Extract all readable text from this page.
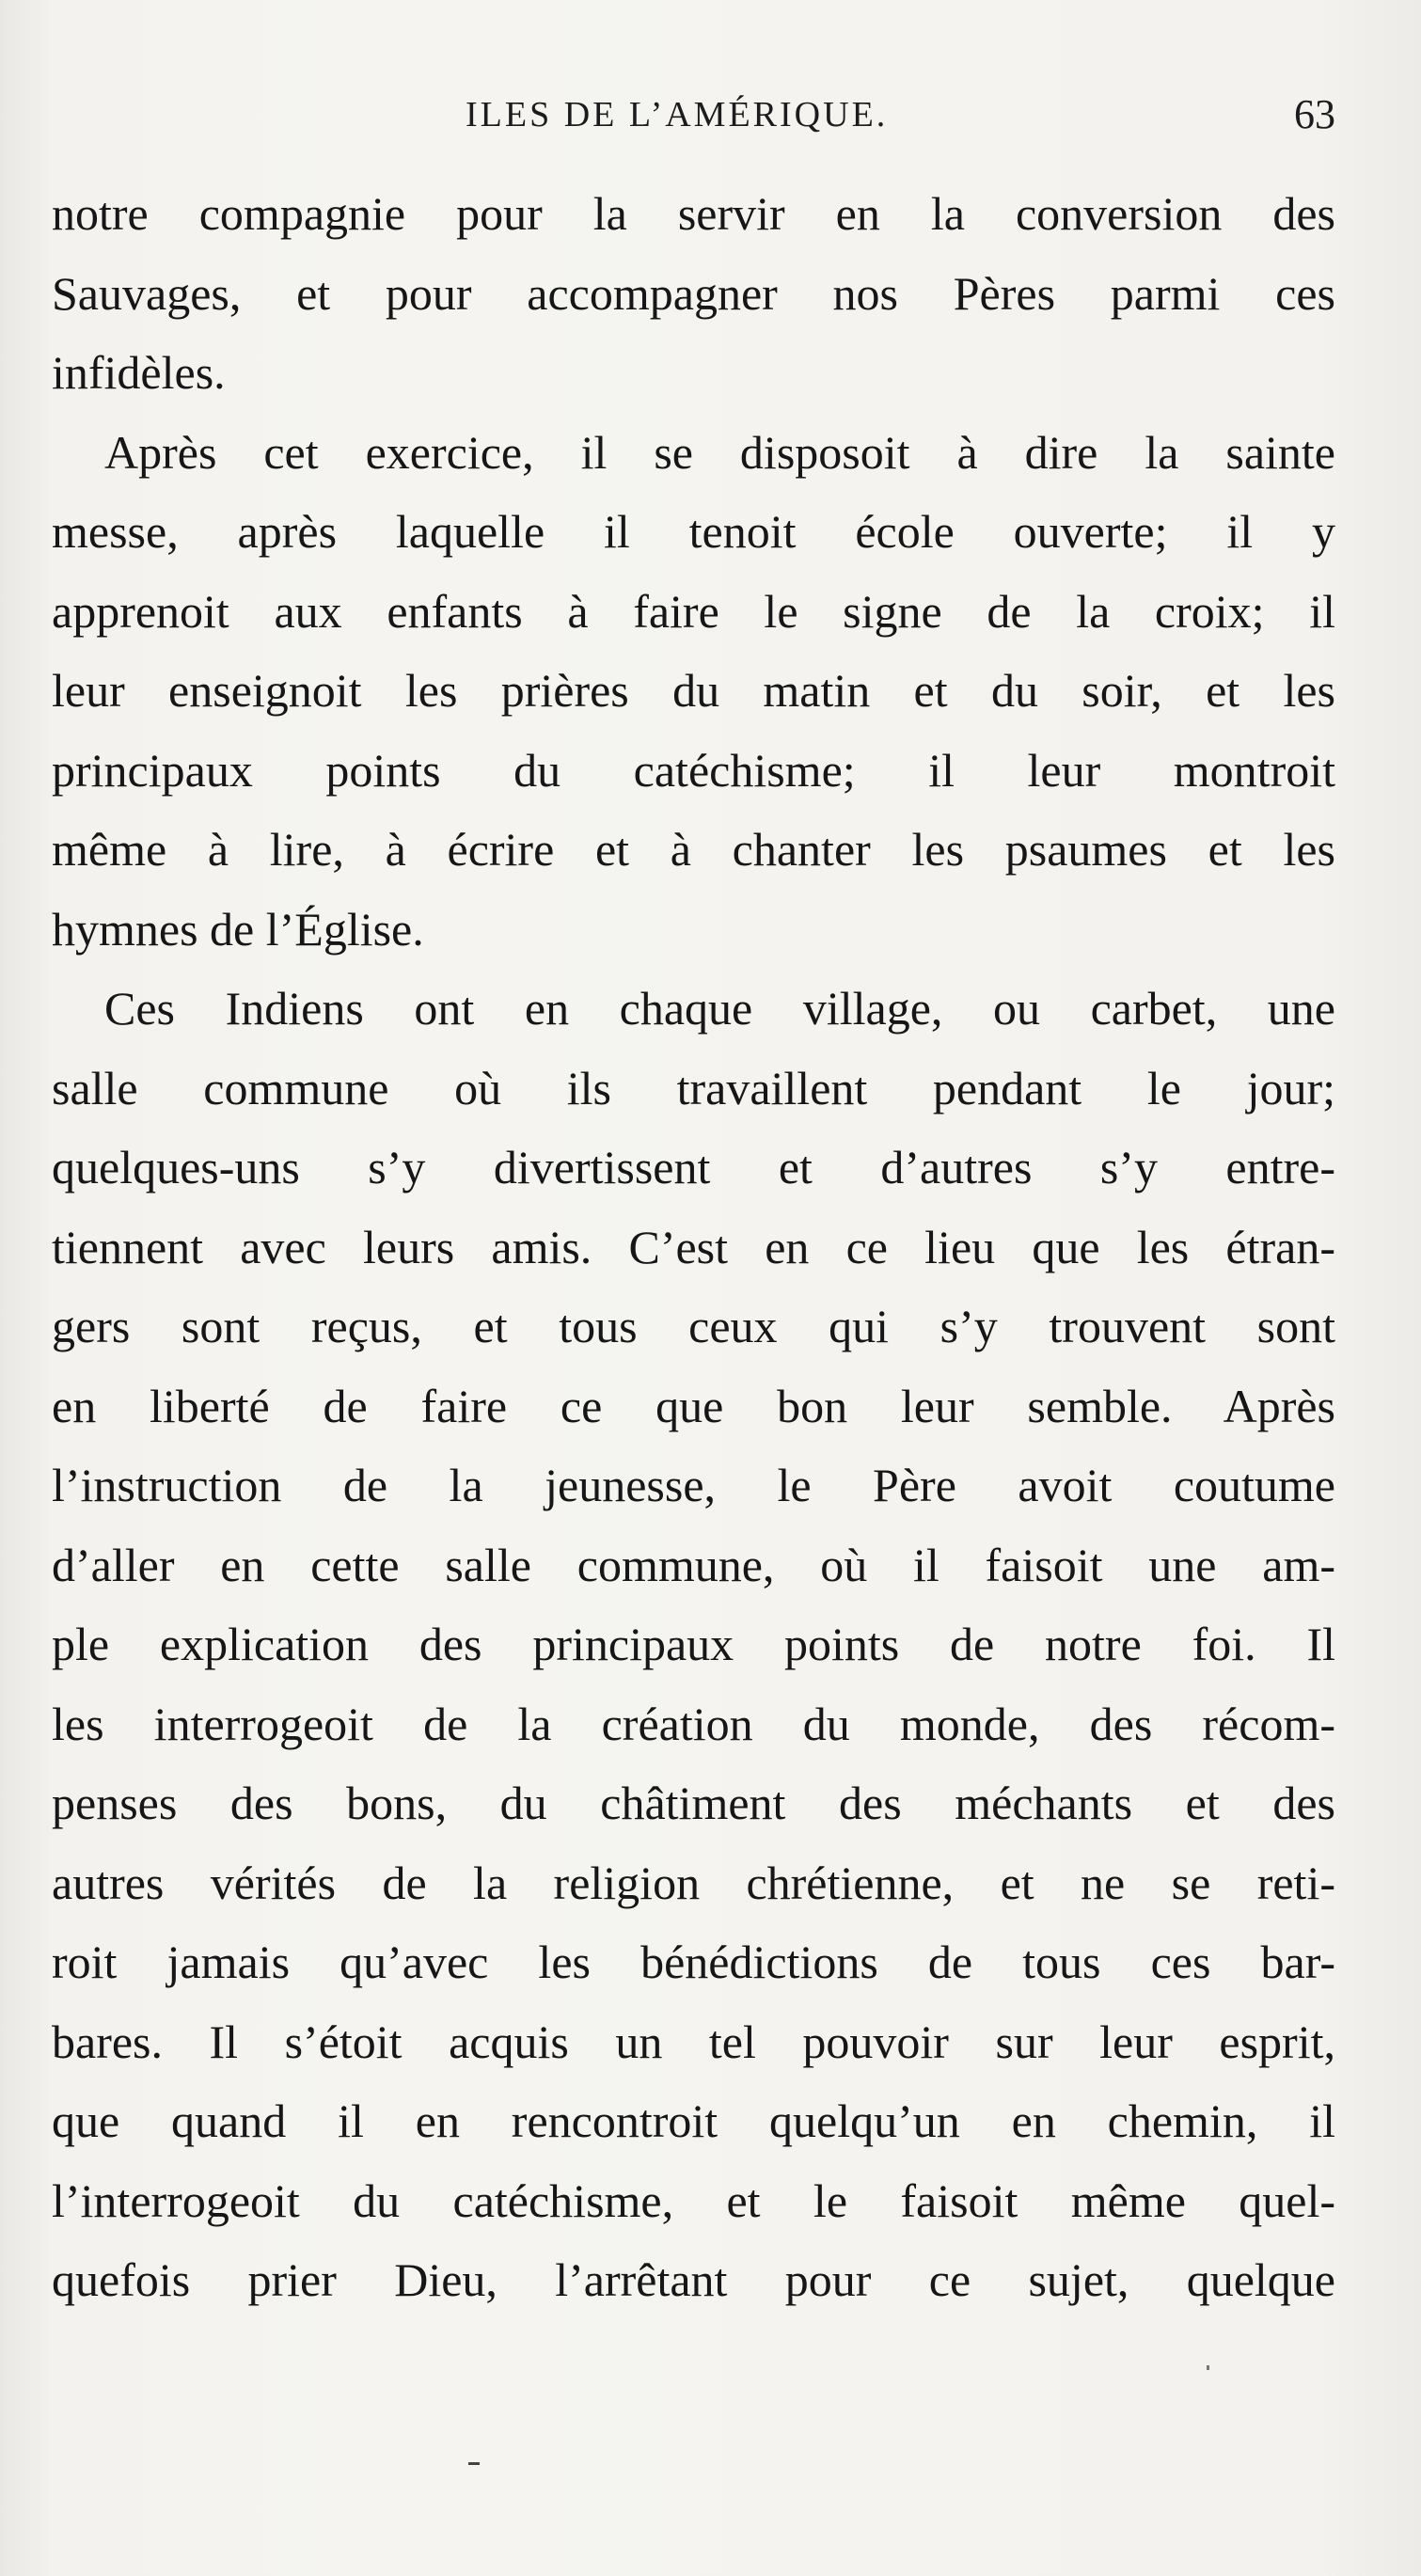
ILES DE L’AMÉRIQUE.	63
notre compagnie pour la servir en la conversion des
Sauvages, et pour accompagner nos Pères parmi ces
infidèles.
Après cet exercice, il se disposoit à dire la sainte
messe, après laquelle il tenoit école ouverte; il y
apprenoit aux enfants à faire le signe de la croix; il
leur enseignoit les prières du matin et du soir, et les
principaux points du catéchisme; il leur montroit
même à lire, à écrire et à chanter les psaumes et les
hymnes de l’Église.
Ces Indiens ont en chaque village, ou carbet, une
salle commune où ils travaillent pendant le jour;
quelques-uns s’y divertissent et d’autres s’y entre-
tiennent avec leurs amis. C’est en ce lieu que les étran-
gers sont reçus, et tous ceux qui s’y trouvent sont
en liberté de faire ce que bon leur semble. Après
l’instruction de la jeunesse, le Père avoit coutume
d’aller en cette salle commune, où il faisoit une am-
ple explication des principaux points de notre foi. Il
les interrogeoit de la création du monde, des récom-
penses des bons, du châtiment des méchants et des
autres vérités de la religion chrétienne, et ne se reti-
roit jamais qu’avec les bénédictions de tous ces bar-
bares. Il s’étoit acquis un tel pouvoir sur leur esprit,
que quand il en rencontroit quelqu’un en chemin, il
l’interrogeoit du catéchisme, et le faisoit même quel-
quefois prier Dieu, l’arrêtant pour ce sujet, quelque
